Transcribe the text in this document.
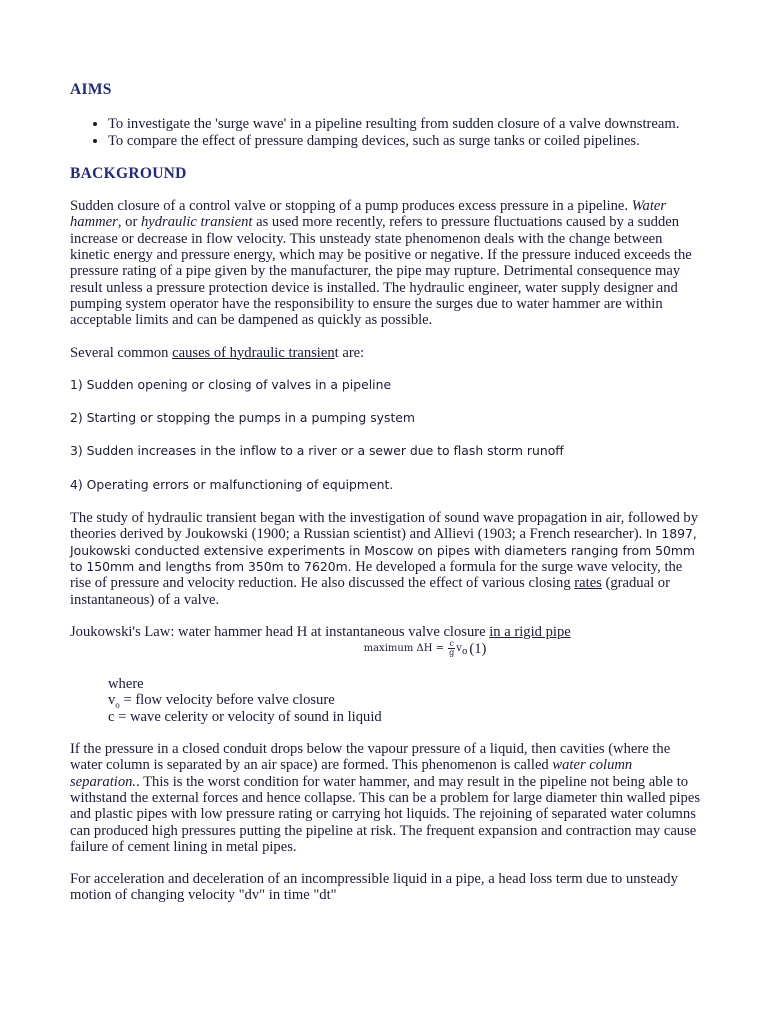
AIMS
• To investigate the 'surge wave' in a pipeline resulting from sudden closure of a valve downstream.
• To compare the effect of pressure damping devices, such as surge tanks or coiled pipelines.
BACKGROUND

Sudden closure of a control valve or stopping of a pump produces excess pressure in a pipeline. Water hammer, or hydraulic transient as used more recently, refers to pressure fluctuations caused by a sudden increase or decrease in flow velocity. This unsteady state phenomenon deals with the change between kinetic energy and pressure energy, which may be positive or negative. If the pressure induced exceeds the pressure rating of a pipe given by the manufacturer, the pipe may rupture. Detrimental consequence may result unless a pressure protection device is installed. The hydraulic engineer, water supply designer and pumping system operator have the responsibility to ensure the surges due to water hammer are within acceptable limits and can be dampened as quickly as possible.

Several common causes of hydraulic transient are:

1) Sudden opening or closing of valves in a pipeline
2) Starting or stopping the pumps in a pumping system
3) Sudden increases in the inflow to a river or a sewer due to flash storm runoff
4) Operating errors or malfunctioning of equipment.

The study of hydraulic transient began with the investigation of sound wave propagation in air, followed by theories derived by Joukowski (1900; a Russian scientist) and Allievi (1903; a French researcher). In 1897, Joukowski conducted extensive experiments in Moscow on pipes with diameters ranging from 50mm to 150mm and lengths from 350m to 7620m. He developed a formula for the surge wave velocity, the rise of pressure and velocity reduction. He also discussed the effect of various closing rates (gradual or instantaneous) of a valve.

Joukowski's Law: water hammer head H at instantaneous valve closure in a rigid pipe
maximum $\Delta H = \frac{c}{g} v_o(1)$
where
$v_o$ = flow velocity before valve closure
c = wave celerity or velocity of sound in liquid

If the pressure in a closed conduit drops below the vapour pressure of a liquid, then cavities (where the water column is separated by an air space) are formed. This phenomenon is called water column separation.. This is the worst condition for water hammer, and may result in the pipeline not being able to withstand the external forces and hence collapse. This can be a problem for large diameter thin walled pipes and plastic pipes with low pressure rating or carrying hot liquids. The rejoining of separated water columns can produced high pressures putting the pipeline at risk. The frequent expansion and contraction may cause failure of cement lining in metal pipes.

For acceleration and deceleration of an incompressible liquid in a pipe, a head loss term due to unsteady motion of changing velocity "dv" in time "dt"
